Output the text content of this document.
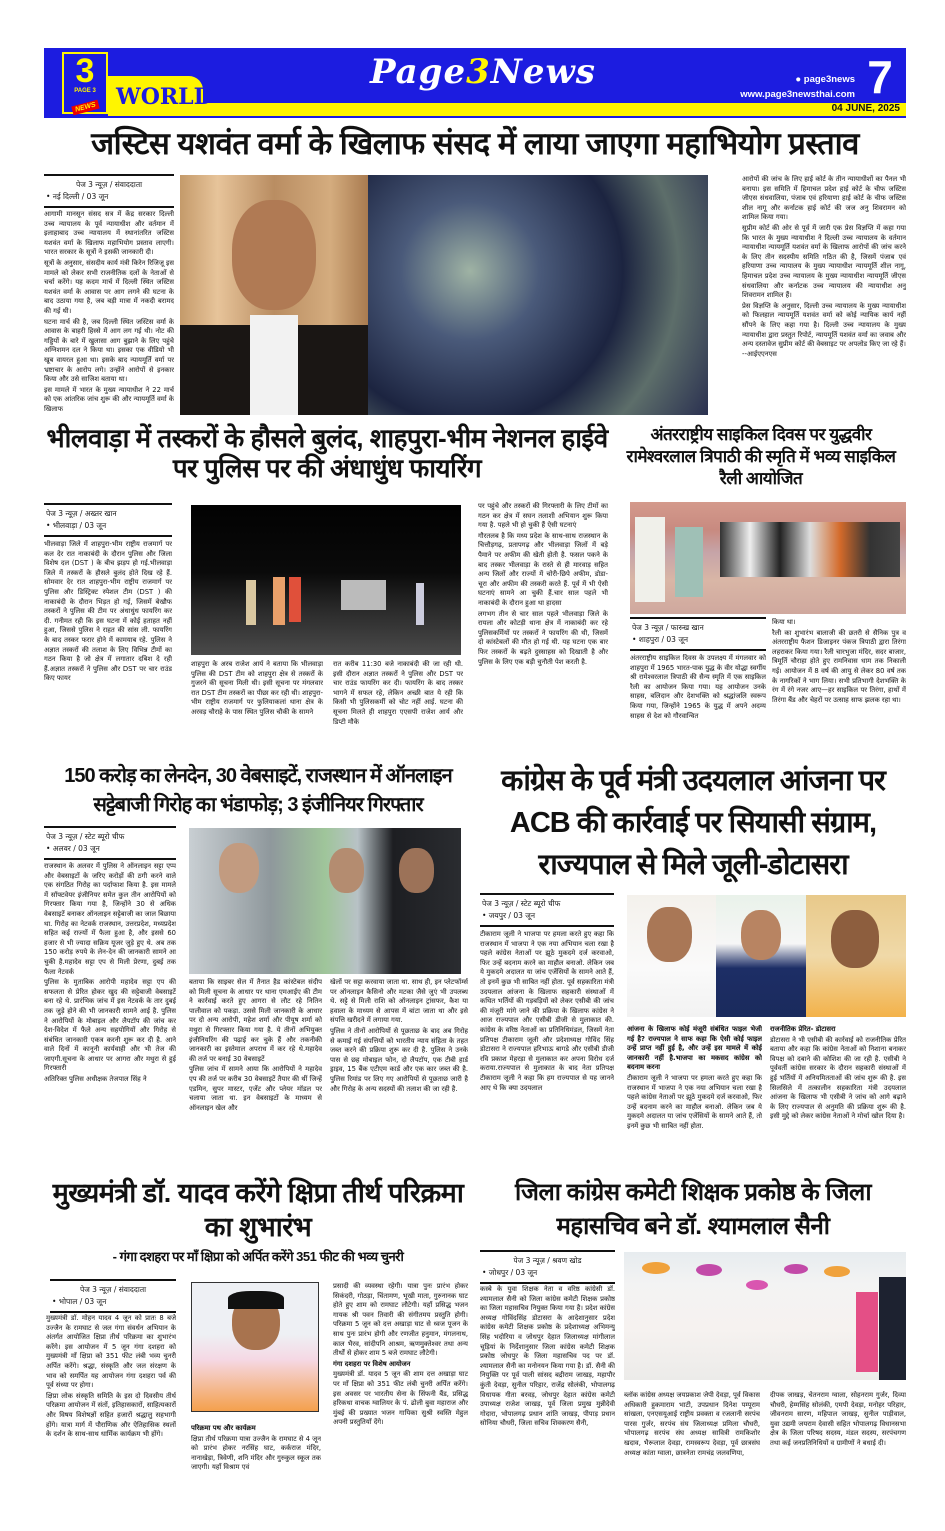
WORLD
3
PAGE 3
NEWS
Page3News	● page3news
www.page3newsthai.com 7
04 JUNE, 2025
जस्टिस यशवंत वर्मा के खिलाफ संसद में लाया जाएगा महाभियोग प्रस्ताव
पेज 3 न्यूज़ / संवाददाता
• नई दिल्ली / 03 जून

आगामी मानसून संसद सत्र में केंद्र सरकार दिल्ली उच्च न्यायालय के पूर्व न्यायाधीश और वर्तमान में इलाहाबाद उच्च न्यायालय में स्थानांतरित जस्टिस यशवंत वर्मा के खिलाफ महाभियोग प्रस्ताव लाएगी। भारत सरकार के सूत्रों ने इसकी जानकारी दी।

सूत्रों के अनुसार, संसदीय कार्य मंत्री किरेन रिजिजू इस मामले को लेकर सभी राजनीतिक दलों के नेताओं से चर्चा करेंगे। यह कदम मार्च में दिल्ली स्थित जस्टिस यशवंत वर्मा के आवास पर आग लगने की घटना के बाद उठाया गया है, जब बड़ी मात्रा में नकदी बरामद की गई थी।

घटना मार्च की है, जब दिल्ली स्थित जस्टिस वर्मा के आवास के बाहरी हिस्से में आग लग गई थी। नोट की गड्डियों के बारे में खुलासा आग बुझाने के लिए पहुंचे अग्निशमन दल ने किया था। इसका एक वीडियो भी खूब वायरल हुआ था। इसके बाद न्यायमूर्ति वर्मा पर भ्रष्टाचार के आरोप लगे। उन्होंने आरोपों से इनकार किया और उसे साजिश बताया था।

इस मामले में भारत के मुख्य न्यायाधीश ने 22 मार्च को एक आंतरिक जांच शुरू की और न्यायमूर्ति वर्मा के खिलाफ

आरोपों की जांच के लिए हाई कोर्ट के तीन न्यायाधीशों का पैनल भी बनाया। इस समिति में हिमाचल प्रदेश हाई कोर्ट के चीफ जस्टिस जीएस संधवालिया, पंजाब एवं हरियाणा हाई कोर्ट के चीफ जस्टिस शील नागू और कर्नाटक हाई कोर्ट की जज अनु शिवरामन को शामिल किया गया।

सुप्रीम कोर्ट की ओर से पूर्व में जारी एक प्रेस विज्ञप्ति में कहा गया कि भारत के मुख्य न्यायाधीश ने दिल्ली उच्च न्यायालय के वर्तमान न्यायाधीश न्यायमूर्ति यशवंत वर्मा के खिलाफ आरोपों की जांच करने के लिए तीन सदस्यीय समिति गठित की है, जिसमें पंजाब एवं हरियाणा उच्च न्यायालय के मुख्य न्यायाधीश न्यायमूर्ति शील नागू, हिमाचल प्रदेश उच्च न्यायालय के मुख्य न्यायाधीश न्यायमूर्ति जीएस संधवालिया और कर्नाटक उच्च न्यायालय की न्यायाधीश अनु शिवरामन शामिल हैं।

प्रेस विज्ञप्ति के अनुसार, दिल्ली उच्च न्यायालय के मुख्य न्यायाधीश को फिलहाल न्यायमूर्ति यशवंत वर्मा को कोई न्यायिक कार्य नहीं सौंपने के लिए कहा गया है। दिल्ली उच्च न्यायालय के मुख्य न्यायाधीश द्वारा प्रस्तुत रिपोर्ट, न्यायमूर्ति यशवंत वर्मा का जवाब और अन्य दस्तावेज सुप्रीम कोर्ट की वेबसाइट पर अपलोड किए जा रहे हैं। --आईएएनएस

भीलवाड़ा में तस्करों के हौसले बुलंद, शाहपुरा-भीम नेशनल हाईवे पर पुलिस पर की अंधाधुंध फायरिंग
पेज 3 न्यूज़ / अख्तर खान
• भीलवाड़ा / 03 जून

भीलवाड़ा जिले में शाहपुरा-भीम राष्ट्रीय राजमार्ग पर कल देर रात नाकाबंदी के दौरान पुलिस और जिला विशेष दल (DST ) के बीच झड़प हो गई.भीलवाड़ा जिले में तस्करों के हौसले बुलंद होते दिख रहे हैं. सोमवार देर रात शाहपुरा-भीम राष्ट्रीय राजमार्ग पर पुलिस और डिस्ट्रिक्ट स्पेशल टीम (DST ) की नाकाबंदी के दौरान भिड़त हो गई, जिसमें बेखौफ तस्करों ने पुलिस की टीम पर अंधाधुंध फायरिंग कर दी. गनीमत रही कि इस घटना में कोई हताहत नहीं हुआ, जिससे पुलिस ने राहत की सांस ली. फायरिंग के बाद तस्कर फरार होने में कामयाब रहे. पुलिस ने अज्ञात तस्करों की तलाश के लिए विभिन्न टीमों का गठन किया है जो क्षेत्र में लगातार दबिश दे रही हैं.अज्ञात तस्करों ने पुलिस और DST पर चार राउंड किए फायर

शाहपुरा के अरब राजेश आर्य ने बताया कि भीलवाड़ा पुलिस की DST टीम को शाहपुरा क्षेत्र से तस्करों के गुजरने की सूचना मिली थी। इसी सूचना पर मंगलवार रात DST टीम तस्करों का पीछा कर रही थी। शाहपुरा-भीम राष्ट्रीय राजमार्ग पर फुलियाकलां थाना क्षेत्र के अरवड़ चौराहे के पास स्थित पुलिस चौकी के सामने

रात करीब 11:30 बजे नाकाबंदी की जा रही थी. इसी दौरान अज्ञात तस्करों ने पुलिस और DST पर चार राउंड फायरिंग कर दी। फायरिंग के बाद तस्कर भागने में सफल रहे, लेकिन अच्छी बात ये रही कि किसी भी पुलिसकर्मी को चोट नहीं आई. घटना की सूचना मिलते ही शाहपुरा एएसपी राजेश आर्य और डिप्टी मौके

पर पहुंचे और तस्करों की गिरफ्तारी के लिए टीमों का गठन कर क्षेत्र में सघन तलाशी अभियान शुरू किया गया है. पहले भी हो चुकी हैं ऐसी घटनाएं

गौरतलब है कि मध्य प्रदेश के साथ-साथ राजस्थान के चित्तौड़गढ़, प्रतापगढ़ और भीलवाड़ा जिलों में बड़े पैमाने पर अफीम की खेती होती है. फसल पकने के बाद तस्कर भीलवाड़ा के रास्ते से ही मारवाड़ सहित अन्य जिलों और राज्यों में चोरी-छिपे अफीम, डोडा-चूरा और अफीम की तस्करी करते हैं. पूर्व में भी ऐसी घटनाएं सामने आ चुकी हैं.चार साल पहले भी नाकाबंदी के दौरान हुआ था हादसा

लगभग तीन से चार साल पहले भीलवाड़ा जिले के रायला और कोटड़ी थाना क्षेत्र में नाकाबंदी कर रहे पुलिसकर्मियों पर तस्करों ने फायरिंग की थी, जिसमें दो कांस्टेबलों की मौत हो गई थी. यह घटना एक बार फिर तस्करों के बढ़ते दुस्साहस को दिखाती है और पुलिस के लिए एक बड़ी चुनौती पेश करती है.

अंतरराष्ट्रीय साइकिल दिवस पर युद्धवीर रामेश्वरलाल त्रिपाठी की स्मृति में भव्य साइकिल रैली आयोजित
पेज 3 न्यूज़ / फारुख खान
• शाहपुरा / 03 जून

अंतरराष्ट्रीय साइकिल दिवस के उपलक्ष्य में मंगलवार को शाहपुरा में 1965 भारत-पाक युद्ध के वीर योद्धा स्वर्गीय श्री रामेश्वरलाल त्रिपाठी की सैन्य स्मृति में एक साइकिल रैली का आयोजन किया गया। यह आयोजन उनके साहस, बलिदान और देशभक्ति को श्रद्धांजलि स्वरूप किया गया, जिन्होंने 1965 के युद्ध में अपने अदम्य साहस से देश को गौरवान्वित

किया था।

रैली का शुभारंभ बालाजी की छतरी से सैनिक पुत्र व अंतरराष्ट्रीय फैशन डिजाइनर पंकज त्रिपाठी द्वारा तिरंगा लहराकर किया गया। रैली चारभुजा मंदिर, सदर बाजार, त्रिमूर्ति चौराहा होते हुए रामनिवास धाम तक निकाली गई। आयोजन में 8 वर्ष की आयु से लेकर 80 वर्ष तक के नागरिकों ने भाग लिया। सभी प्रतिभागी देशभक्ति के रंग में रंगे नजर आए—हर साइकिल पर तिरंगा, हाथों में तिरंगा बैंड और चेहरों पर उत्साह साफ झलक रहा था।

150 करोड़ का लेनदेन, 30 वेबसाइटें, राजस्थान में ऑनलाइन सट्टेबाजी गिरोह का भंडाफोड़; 3 इंजीनियर गिरफ्तार
पेज 3 न्यूज़ / स्टेट ब्यूरो चीफ
• अलवर / 03 जून

राजस्थान के अलवर में पुलिस ने ऑनलाइन सट्टा एप्प और वेबसाइटों के जरिए करोड़ों की ठगी करने वाले एक संगठित गिरोह का पर्दाफाश किया है. इस मामले में सॉफ्टवेयर इंजीनियर समेत कुल तीन आरोपियों को गिरफ्तार किया गया है, जिन्होंने 30 से अधिक वेबसाइटें बनाकर ऑनलाइन सट्टेबाजी का जाल बिछाया था. गिरोह का नेटवर्क राजस्थान, उत्तरप्रदेश, मध्यप्रदेश सहित कई राज्यों में फैला हुआ है, और इससे 60 हजार से भी ज्यादा सक्रिय यूजर जुड़े हुए थे. अब तक 150 करोड़ रुपये के लेन-देन की जानकारी सामने आ चुकी है.महादेव सट्टा एप से मिली प्रेरणा, दुबई तक फैला नेटवर्क

पुलिस के मुताबिक आरोपी महादेव सट्टा एप की सफलता से प्रेरित होकर खुद की सट्टेबाजी वेबसाइटें बना रहे थे. प्रारंभिक जांच में इस नेटवर्क के तार दुबई तक जुड़े होने की भी जानकारी सामने आई है. पुलिस ने आरोपियों के मोबाइल और लैपटॉप की जांच कर देश-विदेश में फैले अन्य सहयोगियों और गिरोह से संबंधित जानकारी एकत्र करनी शुरू कर दी है. आने वाले दिनों में कानूनी कार्यवाही और भी तेज की जाएगी.सूचना के आधार पर आगरा और मथुरा से हुई गिरफ्तारी

अतिरिक्त पुलिस अधीक्षक तेजपाल सिंह ने

बताया कि साइबर सेल में तैनात हैड कांस्टेबल संदीप को मिली सूचना के आधार पर थाना एमआईए की टीम ने कार्रवाई करते हुए आगरा से लौट रहे नितिन पालीवाल को पकड़ा. उससे मिली जानकारी के आधार पर दो अन्य आरोपी, महेश शर्मा और पीयूष शर्मा को मथुरा से गिरफ्तार किया गया है. ये तीनों अभियुक्त इंजीनियरिंग की पढ़ाई कर चुके हैं और तकनीकी जानकारी का इस्तेमाल अपराध में कर रहे थे.महादेव की तर्ज पर बनाई 30 वेबसाइटें

पुलिस जांच में सामने आया कि आरोपियों ने महादेव एप की तर्ज पर करीब 30 वेबसाइटें तैयार की थीं जिन्हें एडमिन, सुपर मास्टर, एजेंट और प्लेयर मॉडल पर चलाया जाता था. इन वेबसाइटों के माध्यम से ऑनलाइन खेल और

खेलों पर सट्टा करवाया जाता था. साथ ही, इन प्लेटफॉर्म्स पर ऑनलाइन कैसिनो और मटका जैसे जुएं भी उपलब्ध थे. सट्टे से मिली राशि को ऑनलाइन ट्रांसफर, कैश या हवाला के माध्यम से आपस में बांटा जाता था और इसे संपत्ति खरीदने में लगाया गया.

पुलिस ने तीनों आरोपियों से पूछताछ के बाद अब गिरोह से कमाई गई संपत्तियों को भारतीय न्याय संहिता के तहत जब्त करने की प्रक्रिया शुरू कर दी है. पुलिस ने उनके पास से छह मोबाइल फोन, दो लैपटॉप, एक टीबी हार्ड ड्राइव, 15 बैंक एटीएम कार्ड और एक कार जब्त की है. पुलिस रिमांड पर लिए गए आरोपियों से पूछताछ जारी है और गिरोह के अन्य सदस्यों की तलाश की जा रही है.

कांग्रेस के पूर्व मंत्री उदयलाल आंजना पर ACB की कार्रवाई पर सियासी संग्राम, राज्यपाल से मिले जूली-डोटासरा
पेज 3 न्यूज़ / स्टेट ब्यूरो चीफ
• जयपुर / 03 जून

टीकाराम जूली ने भाजपा पर हमला करते हुए कहा कि राजस्थान में भाजपा ने एक नया अभियान चला रखा है पहले कांग्रेस नेताओं पर झूठे मुकदमे दर्ज करवाओ, फिर उन्हें बदनाम करने का माहौल बनाओ. लेकिन जब ये मुकदमे अदालत या जांच एजेंसियों के सामने आते हैं, तो इनमें कुछ भी साबित नहीं होता. पूर्व सहकारिता मंत्री उदयलाल आंजना के खिलाफ सहकारी संस्थाओं में कथित भर्तियों की गड़बड़ियों को लेकर एसीबी की जांच की मंजूरी मांगे जाने की प्रक्रिया के खिलाफ कांग्रेस ने आज राज्यपाल और एसीबी डीजी से मुलाकात की. कांग्रेस के वरिष्ठ नेताओं का प्रतिनिधिमंडल, जिसमें नेता प्रतिपक्ष टीकाराम जूली और प्रदेशाध्यक्ष गोविंद सिंह डोटासरा ने राज्यपाल हरिभाऊ बागडे और एसीबी डीजी रवि प्रकाश मेहरड़ा से मुलाकात कर अपना विरोध दर्ज कराया.राज्यपाल से मुलाकात के बाद नेता प्रतिपक्ष टीकाराम जूली ने कहा कि हम राज्यपाल से यह जानने आए थे कि क्या उदयलाल

आंजना के खिलाफ कोई मंजूरी संबंधित फाइल भेजी गई है? राज्यपाल ने साफ कहा कि ऐसी कोई फाइल उन्हें प्राप्त नहीं हुई है, और उन्हें इस मामले में कोई जानकारी नहीं है.भाजपा का मकसद कांग्रेस को बदनाम करना

टीकाराम जूली ने भाजपा पर हमला करते हुए कहा कि राजस्थान में भाजपा ने एक नया अभियान चला रखा है पहले कांग्रेस नेताओं पर झूठे मुकदमे दर्ज करवाओ, फिर उन्हें बदनाम करने का माहौल बनाओ. लेकिन जब ये मुकदमे अदालत या जांच एजेंसियों के सामने आते हैं, तो इनमें कुछ भी साबित नहीं होता.

राजनीतिक प्रेरित- डोटासरा

डोटासरा ने भी एसीबी की कार्रवाई को राजनीतिक प्रेरित बताया और कहा कि कांग्रेस नेताओं को निशाना बनाकर विपक्ष को दबाने की कोशिश की जा रही है. एसीबी ने पूर्ववर्ती कांग्रेस सरकार के दौरान सहकारी संस्थाओं में हुई भर्तियों में अनियमितताओं की जांच शुरू की है. इस सिलसिले में तत्कालीन सहकारिता मंत्री उदयलाल आंजना के खिलाफ भी एसीबी ने जांच को आगे बढ़ाने के लिए राज्यपाल से अनुमति की प्रक्रिया शुरू की है. इसी मुद्दे को लेकर कांग्रेस नेताओं ने मोर्चा खोल दिया है।

मुख्यमंत्री डॉ. यादव करेंगे क्षिप्रा तीर्थ परिक्रमा का शुभारंभ
- गंगा दशहरा पर माँ क्षिप्रा को अर्पित करेंगे 351 फीट की भव्य चुनरी
पेज 3 न्यूज़ / संवाददाता
• भोपाल / 03 जून

मुख्यमंत्री डॉ. मोहन यादव 4 जून को प्रातः 8 बजे उज्जैन के रामघाट से जल गंगा संवर्धन अभियान के अंतर्गत आयोजित क्षिप्रा तीर्थ परिक्रमा का शुभारंभ करेंगे। इस आयोजन में 5 जून गंगा दशहरा को मुख्यमंत्री माँ क्षिप्रा को 351 फीट लंबी भव्य चुनरी अर्पित करेंगे। श्रद्धा, संस्कृति और जल संरक्षण के भाव को समर्पित यह आयोजन गंगा दशहरा पर्व की पूर्व संध्या पर होगा।

क्षिप्रा लोक संस्कृति समिति के इस दो दिवसीय तीर्थ परिक्रमा आयोजन में संतों, इतिहासकारों, साहित्यकारों और विषय विशेषज्ञों सहित हजारों श्रद्धालु सहभागी होंगे। यात्रा मार्ग में पौराणिक और ऐतिहासिक स्थलों के दर्शन के साथ-साथ धार्मिक कार्यक्रम भी होंगे।

परिक्रमा पथ और कार्यक्रम

क्षिप्रा तीर्थ परिक्रमा यात्रा उज्जैन के रामघाट से 4 जून को प्रारंभ होकर नरसिंह घाट, कर्कराज मंदिर, नानाखेड़ा, त्रिवेणी, शनि मंदिर और गुरुकुल स्कूल तक जाएगी। यहाँ विश्राम एवं

प्रसादी की व्यवस्था रहेगी। यात्रा पुनः प्रारंभ होकर सिकंदरी, गोठड़ा, चिंतामण, भूखी माता, गुरुनानक घाट होते हुए शाम को रामघाट लौटेगी। यहाँ प्रसिद्ध भजन गायक श्री पवन तिवारी की संगीतमय प्रस्तुति होगी। परिक्रमा 5 जून को दत्त अखाड़ा घाट से ध्वज पूजन के साथ पुनः प्रारंभ होगी और रणजीत हनुमान, मंगलनाथ, काल भैरव, सांदीपनि आश्रम, ऋणमुक्तेश्वर तथा अन्य तीर्थों से होकर शाम 5 बजे रामघाट लौटेगी।

गंगा दशहरा पर विशेष आयोजन

मुख्यमंत्री डॉ. यादव 5 जून की शाम दत्त अखाड़ा घाट पर माँ क्षिप्रा को 351 फीट लंबी चुनरी अर्पित करेंगे। इस अवसर पर भारतीय सेना के सिंफनी बैंड, प्रसिद्ध हरिकथा वाचक ग्वालियर के पं. ढोली बुवा महाराज और मुंबई की प्रख्यात भजन गायिका सुश्री स्वस्ति मेहुल अपनी प्रस्तुतियाँ देंगे।

जिला कांग्रेस कमेटी शिक्षक प्रकोष्ठ के जिला महासचिव बने डॉ. श्यामलाल सैनी
पेज 3 न्यूज़ / श्रवण खोड
• जोधपुर / 03 जून

कस्बे के युवा शिक्षक नेता व वरिष्ठ कांग्रेसी डॉ. श्यामलाल सैनी को जिला कांग्रेस कमेटी शिक्षक प्रकोष्ठ का जिला महासचिव नियुक्त किया गया है। प्रदेश कांग्रेस अध्यक्ष गोविंदसिंह डोटासरा के आदेशानुसार प्रदेश कांग्रेस कमेटी शिक्षक प्रकोष्ठ के प्रदेशाध्यक्ष अभिमन्यु सिंह भदोरिया व जोधपुर देहात जिलाध्यक्ष मांगीलाल चूड़ियां के निर्देशानुसार जिला कांग्रेस कमेटी शिक्षक प्रकोष्ठ जोधपुर के जिला महासचिव पद पर डॉ. श्यामलाल सैनी का मनोनयन किया गया है। डॉ. सैनी की नियुक्ति पर पूर्व पाली सांसद बद्रीराम जाखड़, महापौर कुंती देवड़ा, सुनील परिहार, राजेंद्र सोलंकी, भोपालगढ़ विधायक गीता बरवड़, जोधपुर देहात कांग्रेस कमेटी उपाध्यक्ष राजेश जाखड़, पूर्व जिला प्रमुख मुन्नीदेवी गोदारा, भोपालगढ़ प्रधान शांति जाखड़, पीपाड़ प्रधान सोनिया चौधरी, जिला सचिव शिवकरण सैनी,

ब्लॉक कांग्रेस अध्यक्ष जयप्रकाश जेपी देवड़ा, पूर्व विकास अधिकारी हुकमाराम भाटी, उपप्रधान दिनेश पम्पूराम सांखला, एनएसयूआई राष्ट्रीय प्रवक्ता व रजलानी सरपंच पारस गुर्जर, सरपंच संघ जिलाध्यक्ष प्रमिला चौधरी, भोपालगढ़ सरपंच संघ अध्यक्ष सावित्री रामकिशोर खदाव, भैरूलाल देवड़ा, रामस्वरूप देवड़ा, पूर्व छात्रसंघ अध्यक्ष कांता ग्वाला, छात्रनेता रामचंद्र जलवणिया,

दीपक जाखड़, चेतनराम ग्वाला, सोहनराम गुर्जर, दिव्या चौधरी, हेम्मसिंह सोलंकी, एमपी देवड़ा, मनोहर परिहार, जीवनराम सारण, महिपाल जाखड़, सुनील पाड़ीवाल, युवा उद्यमी जयराम देवासी सहित भोपालगढ़ विधानसभा क्षेत्र के जिला परिषद सदस्य, मंडल सदस्य, सरपंचगण तथा कई जनप्रतिनिधियों व ग्रामीणों ने बधाई दी।
